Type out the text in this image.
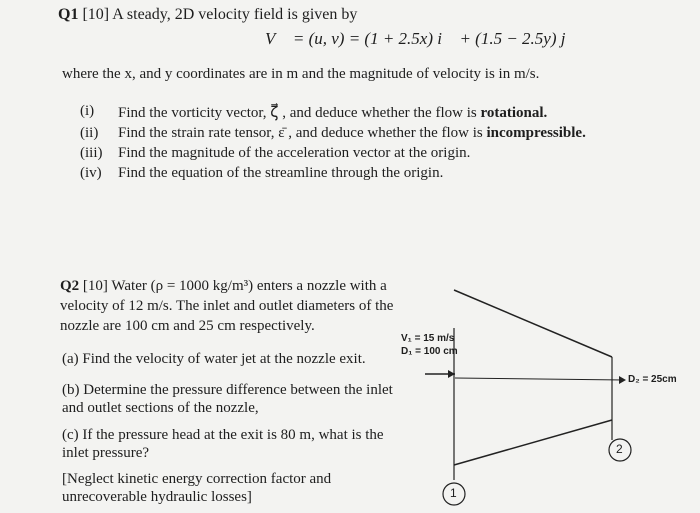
Q1 [10] A steady, 2D velocity field is given by
V⃗ = (u, v) = (1 + 2.5x) i⃗ + (1.5 − 2.5y) j⃗
where the x, and y coordinates are in m and the magnitude of velocity is in m/s.
(i)	Find the vorticity vector, ζ⃗ , and deduce whether the flow is rotational.
(ii)	Find the strain rate tensor, ε̄ , and deduce whether the flow is incompressible.
(iii)	Find the magnitude of the acceleration vector at the origin.
(iv)	Find the equation of the streamline through the origin.
Q2 [10] Water (ρ = 1000 kg/m³) enters a nozzle with a velocity of 12 m/s. The inlet and outlet diameters of the nozzle are 100 cm and 25 cm respectively.
(a) Find the velocity of water jet at the nozzle exit.
(b) Determine the pressure difference between the inlet and outlet sections of the nozzle,
(c) If the pressure head at the exit is 80 m, what is the inlet pressure?
[Neglect kinetic energy correction factor and unrecoverable hydraulic losses]
V₁ = 15 m/s
D₁ = 100 cm
D₂ = 25cm
2
1
